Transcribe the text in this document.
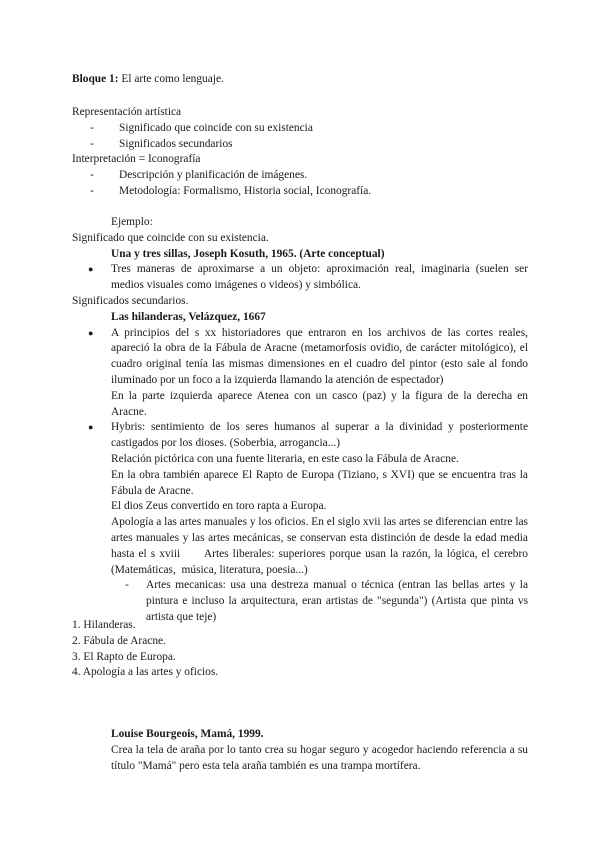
Bloque 1: El arte como lenguaje.
Representación artística
- Significado que coincide con su existencia
- Significados secundarios
Interpretación = Iconografía
- Descripción y planificación de imágenes.
- Metodología: Formalismo, Historia social, Iconografía.
Ejemplo:
Significado que coincide con su existencia.
Una y tres sillas, Joseph Kosuth, 1965. (Arte conceptual)
● Tres maneras de aproximarse a un objeto: aproximación real, imaginaria (suelen ser medios visuales como imágenes o videos) y simbólica.
Significados secundarios.
Las hilanderas, Velázquez, 1667
● A principios del s xx historiadores que entraron en los archivos de las cortes reales, apareció la obra de la Fábula de Aracne (metamorfosis ovidio, de carácter mitológico), el cuadro original tenía las mismas dimensiones en el cuadro del pintor (esto sale al fondo iluminado por un foco a la izquierda llamando la atención de espectador)
En la parte izquierda aparece Atenea con un casco (paz) y la figura de la derecha en Aracne.
● Hybris: sentimiento de los seres humanos al superar a la divinidad y posteriormente castigados por los dioses. (Soberbia, arrogancia...)
Relación pictórica con una fuente literaria, en este caso la Fábula de Aracne.
En la obra también aparece El Rapto de Europa (Tiziano, s XVI) que se encuentra tras la Fábula de Aracne.
El dios Zeus convertido en toro rapta a Europa.
Apología a las artes manuales y los oficios. En el siglo xvii las artes se diferencian entre las artes manuales y las artes mecánicas, se conservan esta distinción de desde la edad media hasta el s xviii      Artes liberales: superiores porque usan la razón, la lógica, el cerebro (Matemáticas,  música, literatura, poesia...)
- Artes mecanicas: usa una destreza manual o técnica (entran las bellas artes y la pintura e incluso la arquitectura, eran artistas de "segunda") (Artista que pinta vs artista que teje)
1. Hilanderas.
2. Fábula de Aracne.
3. El Rapto de Europa.
4. Apología a las artes y oficios.
Louise Bourgeois, Mamá, 1999.
Crea la tela de araña por lo tanto crea su hogar seguro y acogedor haciendo referencia a su título "Mamá" pero esta tela araña también es una trampa mortífera.
